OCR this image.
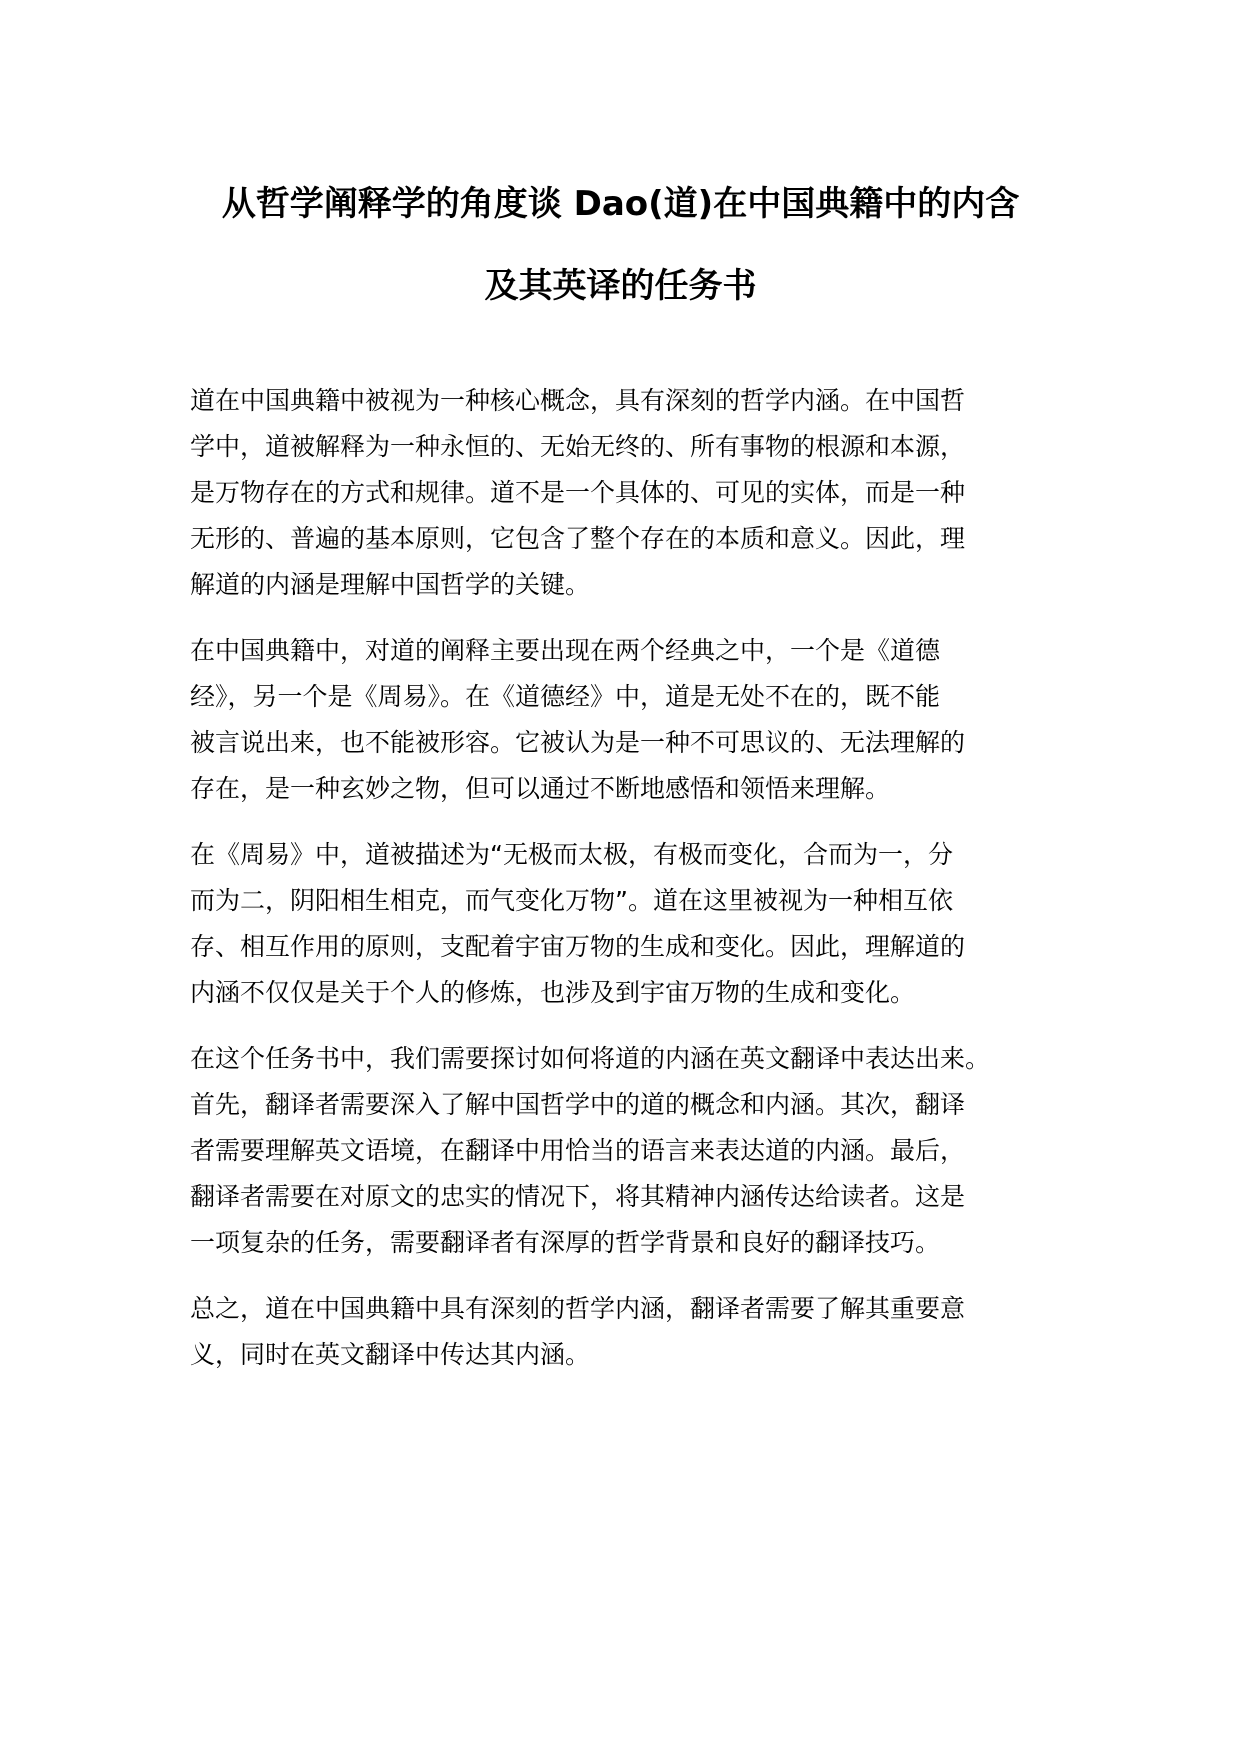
从哲学阐释学的角度谈 Dao(道)在中国典籍中的内含
及其英译的任务书

道在中国典籍中被视为一种核心概念，具有深刻的哲学内涵。在中国哲
学中，道被解释为一种永恒的、无始无终的、所有事物的根源和本源，
是万物存在的方式和规律。道不是一个具体的、可见的实体，而是一种
无形的、普遍的基本原则，它包含了整个存在的本质和意义。因此，理
解道的内涵是理解中国哲学的关键。

在中国典籍中，对道的阐释主要出现在两个经典之中，一个是《道德
经》，另一个是《周易》。在《道德经》中，道是无处不在的，既不能
被言说出来，也不能被形容。它被认为是一种不可思议的、无法理解的
存在，是一种玄妙之物，但可以通过不断地感悟和领悟来理解。

在《周易》中，道被描述为“无极而太极，有极而变化，合而为一，分
而为二，阴阳相生相克，而气变化万物”。道在这里被视为一种相互依
存、相互作用的原则，支配着宇宙万物的生成和变化。因此，理解道的
内涵不仅仅是关于个人的修炼，也涉及到宇宙万物的生成和变化。

在这个任务书中，我们需要探讨如何将道的内涵在英文翻译中表达出来。
首先，翻译者需要深入了解中国哲学中的道的概念和内涵。其次，翻译
者需要理解英文语境，在翻译中用恰当的语言来表达道的内涵。最后，
翻译者需要在对原文的忠实的情况下，将其精神内涵传达给读者。这是
一项复杂的任务，需要翻译者有深厚的哲学背景和良好的翻译技巧。

总之，道在中国典籍中具有深刻的哲学内涵，翻译者需要了解其重要意
义，同时在英文翻译中传达其内涵。
